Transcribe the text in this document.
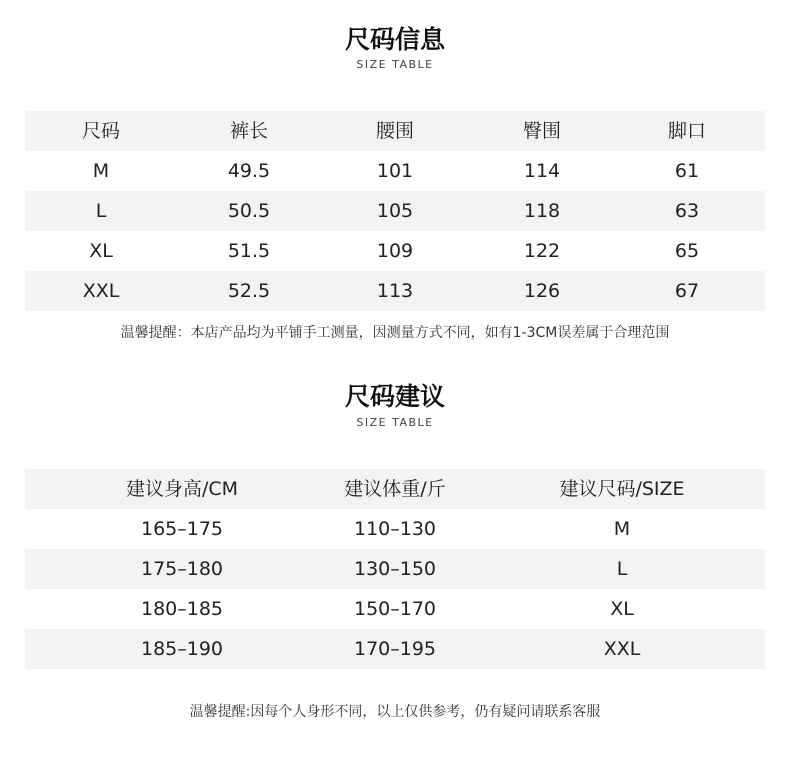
尺码信息
SIZE TABLE
尺码	裤长	腰围	臀围	脚口
M	49.5	101	114	61
L	50.5	105	118	63
XL	51.5	109	122	65
XXL	52.5	113	126	67
温馨提醒：本店产品均为平铺手工测量，因测量方式不同，如有1-3CM误差属于合理范围
尺码建议
SIZE TABLE
建议身高/CM	建议体重/斤	建议尺码/SIZE
165–175	110–130	M
175–180	130–150	L
180–185	150–170	XL
185–190	170–195	XXL
温馨提醒:因每个人身形不同，以上仅供参考，仍有疑问请联系客服
